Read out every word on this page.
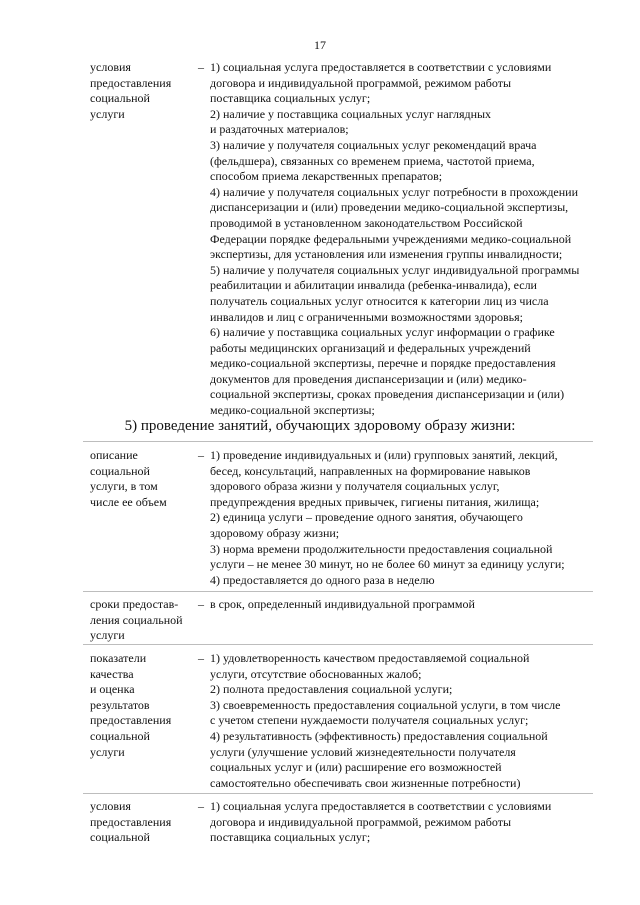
17
условия
предоставления
социальной
услуги
– 1) социальная услуга предоставляется в соответствии с условиями
договора и индивидуальной программой, режимом работы
поставщика социальных услуг;
2) наличие у поставщика социальных услуг наглядных
и раздаточных материалов;
3) наличие у получателя социальных услуг рекомендаций врача
(фельдшера), связанных со временем приема, частотой приема,
способом приема лекарственных препаратов;
4) наличие у получателя социальных услуг потребности в прохождении
диспансеризации и (или) проведении медико-социальной экспертизы,
проводимой в установленном законодательством Российской
Федерации порядке федеральными учреждениями медико-социальной
экспертизы, для установления или изменения группы инвалидности;
5) наличие у получателя социальных услуг индивидуальной программы
реабилитации и абилитации инвалида (ребенка-инвалида), если
получатель социальных услуг относится к категории лиц из числа
инвалидов и лиц с ограниченными возможностями здоровья;
6) наличие у поставщика социальных услуг информации о графике
работы медицинских организаций и федеральных учреждений
медико-социальной экспертизы, перечне и порядке предоставления
документов для проведения диспансеризации и (или) медико-
социальной экспертизы, сроках проведения диспансеризации и (или)
медико-социальной экспертизы;
5) проведение занятий, обучающих здоровому образу жизни:
описание
социальной
услуги, в том
числе ее объем
– 1) проведение индивидуальных и (или) групповых занятий, лекций,
бесед, консультаций, направленных на формирование навыков
здорового образа жизни у получателя социальных услуг,
предупреждения вредных привычек, гигиены питания, жилища;
2) единица услуги – проведение одного занятия, обучающего
здоровому образу жизни;
3) норма времени продолжительности предоставления социальной
услуги – не менее 30 минут, но не более 60 минут за единицу услуги;
4) предоставляется до одного раза в неделю
сроки предостав-
ления социальной
услуги
– в срок, определенный индивидуальной программой
показатели
качества
и оценка
результатов
предоставления
социальной
услуги
– 1) удовлетворенность качеством предоставляемой социальной
услуги, отсутствие обоснованных жалоб;
2) полнота предоставления социальной услуги;
3) своевременность предоставления социальной услуги, в том числе
с учетом степени нуждаемости получателя социальных услуг;
4) результативность (эффективность) предоставления социальной
услуги (улучшение условий жизнедеятельности получателя
социальных услуг и (или) расширение его возможностей
самостоятельно обеспечивать свои жизненные потребности)
условия
предоставления
социальной
– 1) социальная услуга предоставляется в соответствии с условиями
договора и индивидуальной программой, режимом работы
поставщика социальных услуг;
